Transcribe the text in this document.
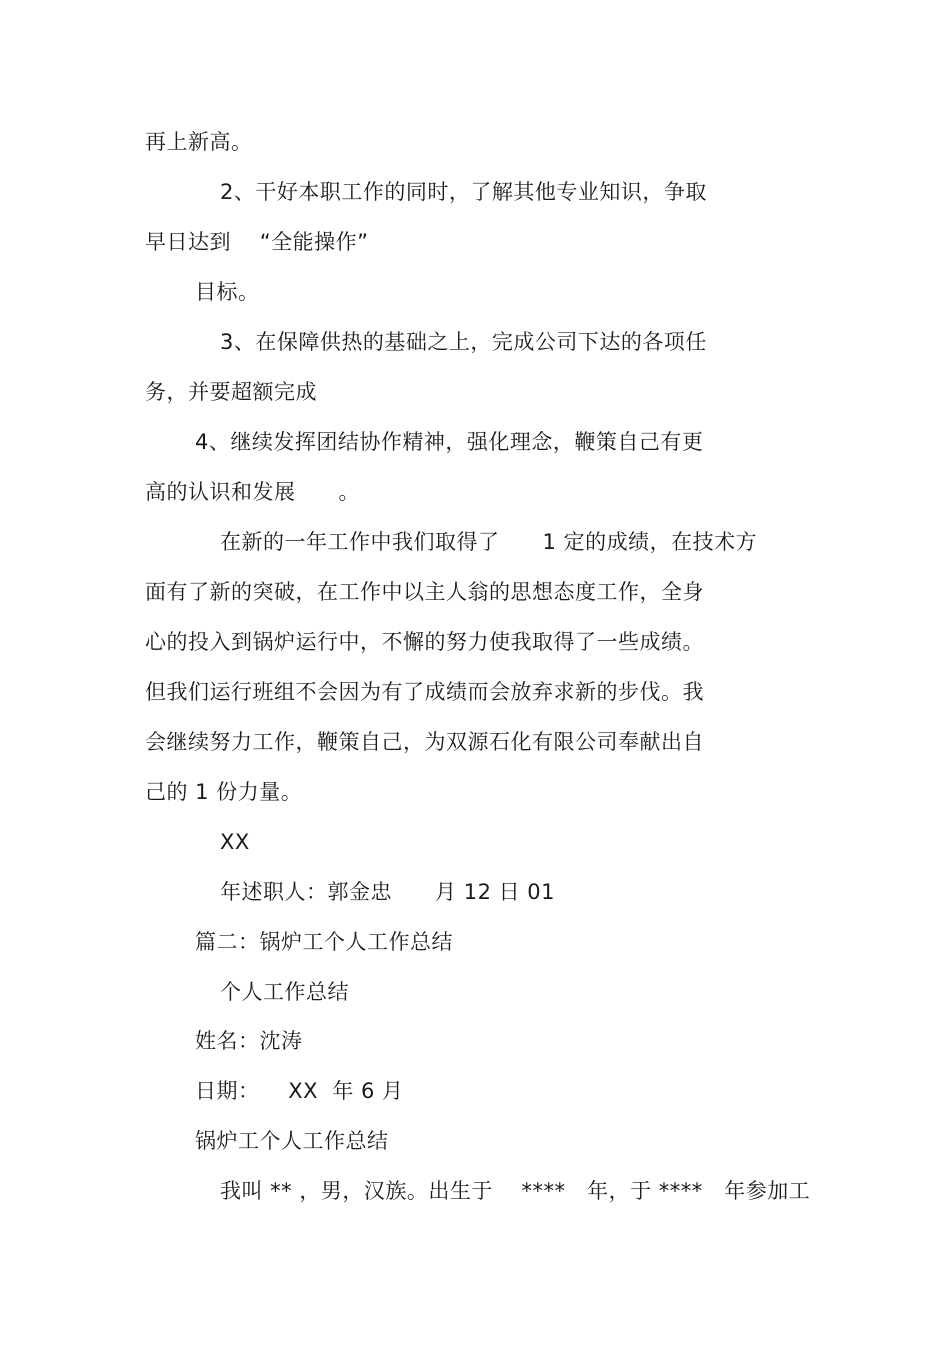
再上新高。
2、干好本职工作的同时，了解其他专业知识，争取
早日达到    “全能操作”
目标。
3、在保障供热的基础之上，完成公司下达的各项任
务，并要超额完成
4、继续发挥团结协作精神，强化理念，鞭策自己有更
高的认识和发展      。
在新的一年工作中我们取得了      1 定的成绩，在技术方
面有了新的突破，在工作中以主人翁的思想态度工作，全身
心的投入到锅炉运行中，不懈的努力使我取得了一些成绩。
但我们运行班组不会因为有了成绩而会放弃求新的步伐。我
会继续努力工作，鞭策自己，为双源石化有限公司奉献出自
己的 1 份力量。
XX
年述职人：郭金忠      月 12 日 01
篇二：锅炉工个人工作总结
个人工作总结
姓名：沈涛
日期：    XX  年 6 月
锅炉工个人工作总结
我叫 ** ，男，汉族。出生于    ****   年，于 ****   年参加工
